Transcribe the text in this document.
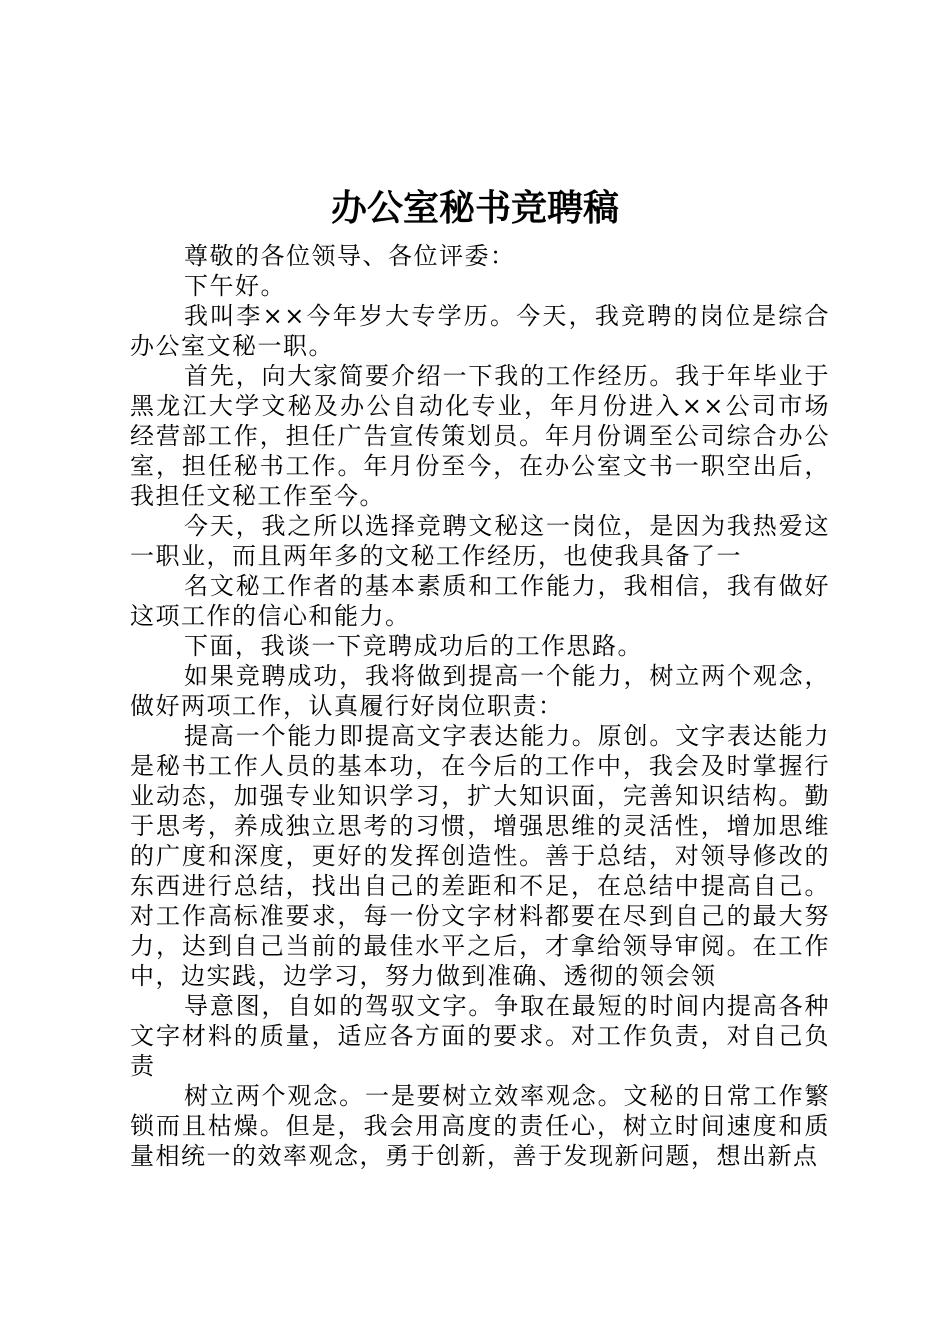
办公室秘书竞聘稿

尊敬的各位领导、各位评委：

下午好。

我叫李××今年岁大专学历。今天，我竞聘的岗位是综合办公室文秘一职。

首先，向大家简要介绍一下我的工作经历。我于年毕业于黑龙江大学文秘及办公自动化专业，年月份进入××公司市场经营部工作，担任广告宣传策划员。年月份调至公司综合办公室，担任秘书工作。年月份至今，在办公室文书一职空出后，我担任文秘工作至今。

今天，我之所以选择竞聘文秘这一岗位，是因为我热爱这一职业，而且两年多的文秘工作经历，也使我具备了一

名文秘工作者的基本素质和工作能力，我相信，我有做好这项工作的信心和能力。

下面，我谈一下竞聘成功后的工作思路。

如果竞聘成功，我将做到提高一个能力，树立两个观念，做好两项工作，认真履行好岗位职责：

提高一个能力即提高文字表达能力。原创。文字表达能力是秘书工作人员的基本功，在今后的工作中，我会及时掌握行业动态，加强专业知识学习，扩大知识面，完善知识结构。勤于思考，养成独立思考的习惯，增强思维的灵活性，增加思维的广度和深度，更好的发挥创造性。善于总结，对领导修改的东西进行总结，找出自己的差距和不足，在总结中提高自己。对工作高标准要求，每一份文字材料都要在尽到自己的最大努力，达到自己当前的最佳水平之后，才拿给领导审阅。在工作中，边实践，边学习，努力做到准确、透彻的领会领

导意图，自如的驾驭文字。争取在最短的时间内提高各种文字材料的质量，适应各方面的要求。对工作负责，对自己负责

树立两个观念。一是要树立效率观念。文秘的日常工作繁锁而且枯燥。但是，我会用高度的责任心，树立时间速度和质量相统一的效率观念，勇于创新，善于发现新问题，想出新点
